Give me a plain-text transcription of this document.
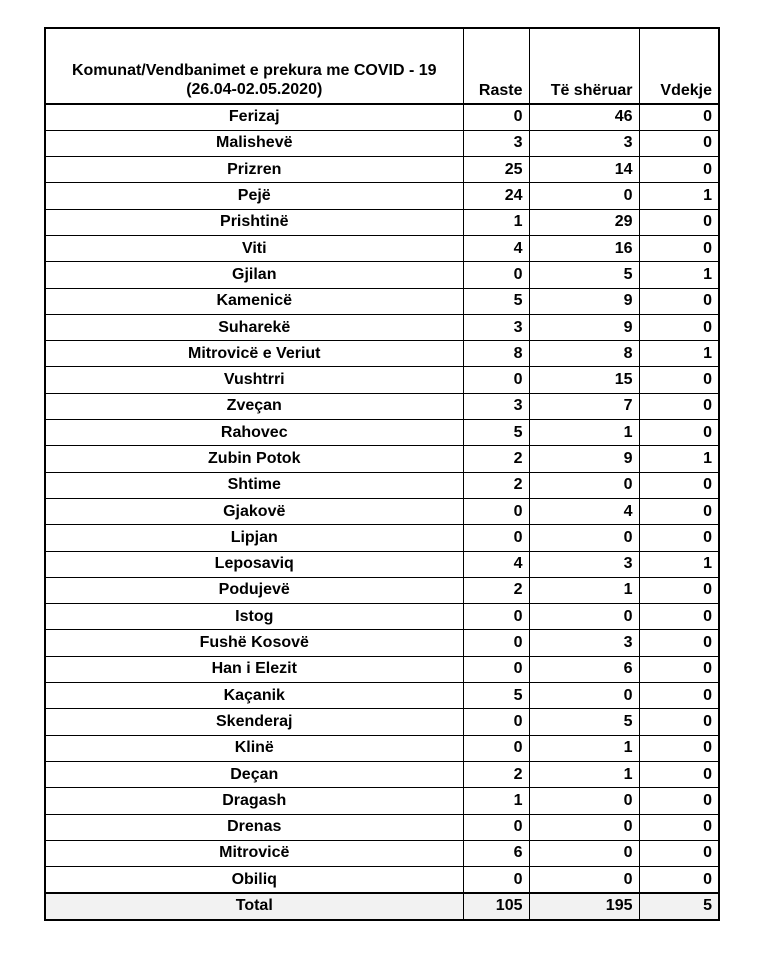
Komunat/Vendbanimet e prekura me COVID - 19
(26.04-02.05.2020)	Raste	Të shëruar	Vdekje
Ferizaj	0	46	0
Malishevë	3	3	0
Prizren	25	14	0
Pejë	24	0	1
Prishtinë	1	29	0
Viti	4	16	0
Gjilan	0	5	1
Kamenicë	5	9	0
Suharekë	3	9	0
Mitrovicë e Veriut	8	8	1
Vushtrri	0	15	0
Zveçan	3	7	0
Rahovec	5	1	0
Zubin Potok	2	9	1
Shtime	2	0	0
Gjakovë	0	4	0
Lipjan	0	0	0
Leposaviq	4	3	1
Podujevë	2	1	0
Istog	0	0	0
Fushë Kosovë	0	3	0
Han i Elezit	0	6	0
Kaçanik	5	0	0
Skenderaj	0	5	0
Klinë	0	1	0
Deçan	2	1	0
Dragash	1	0	0
Drenas	0	0	0
Mitrovicë	6	0	0
Obiliq	0	0	0
Total	105	195	5
